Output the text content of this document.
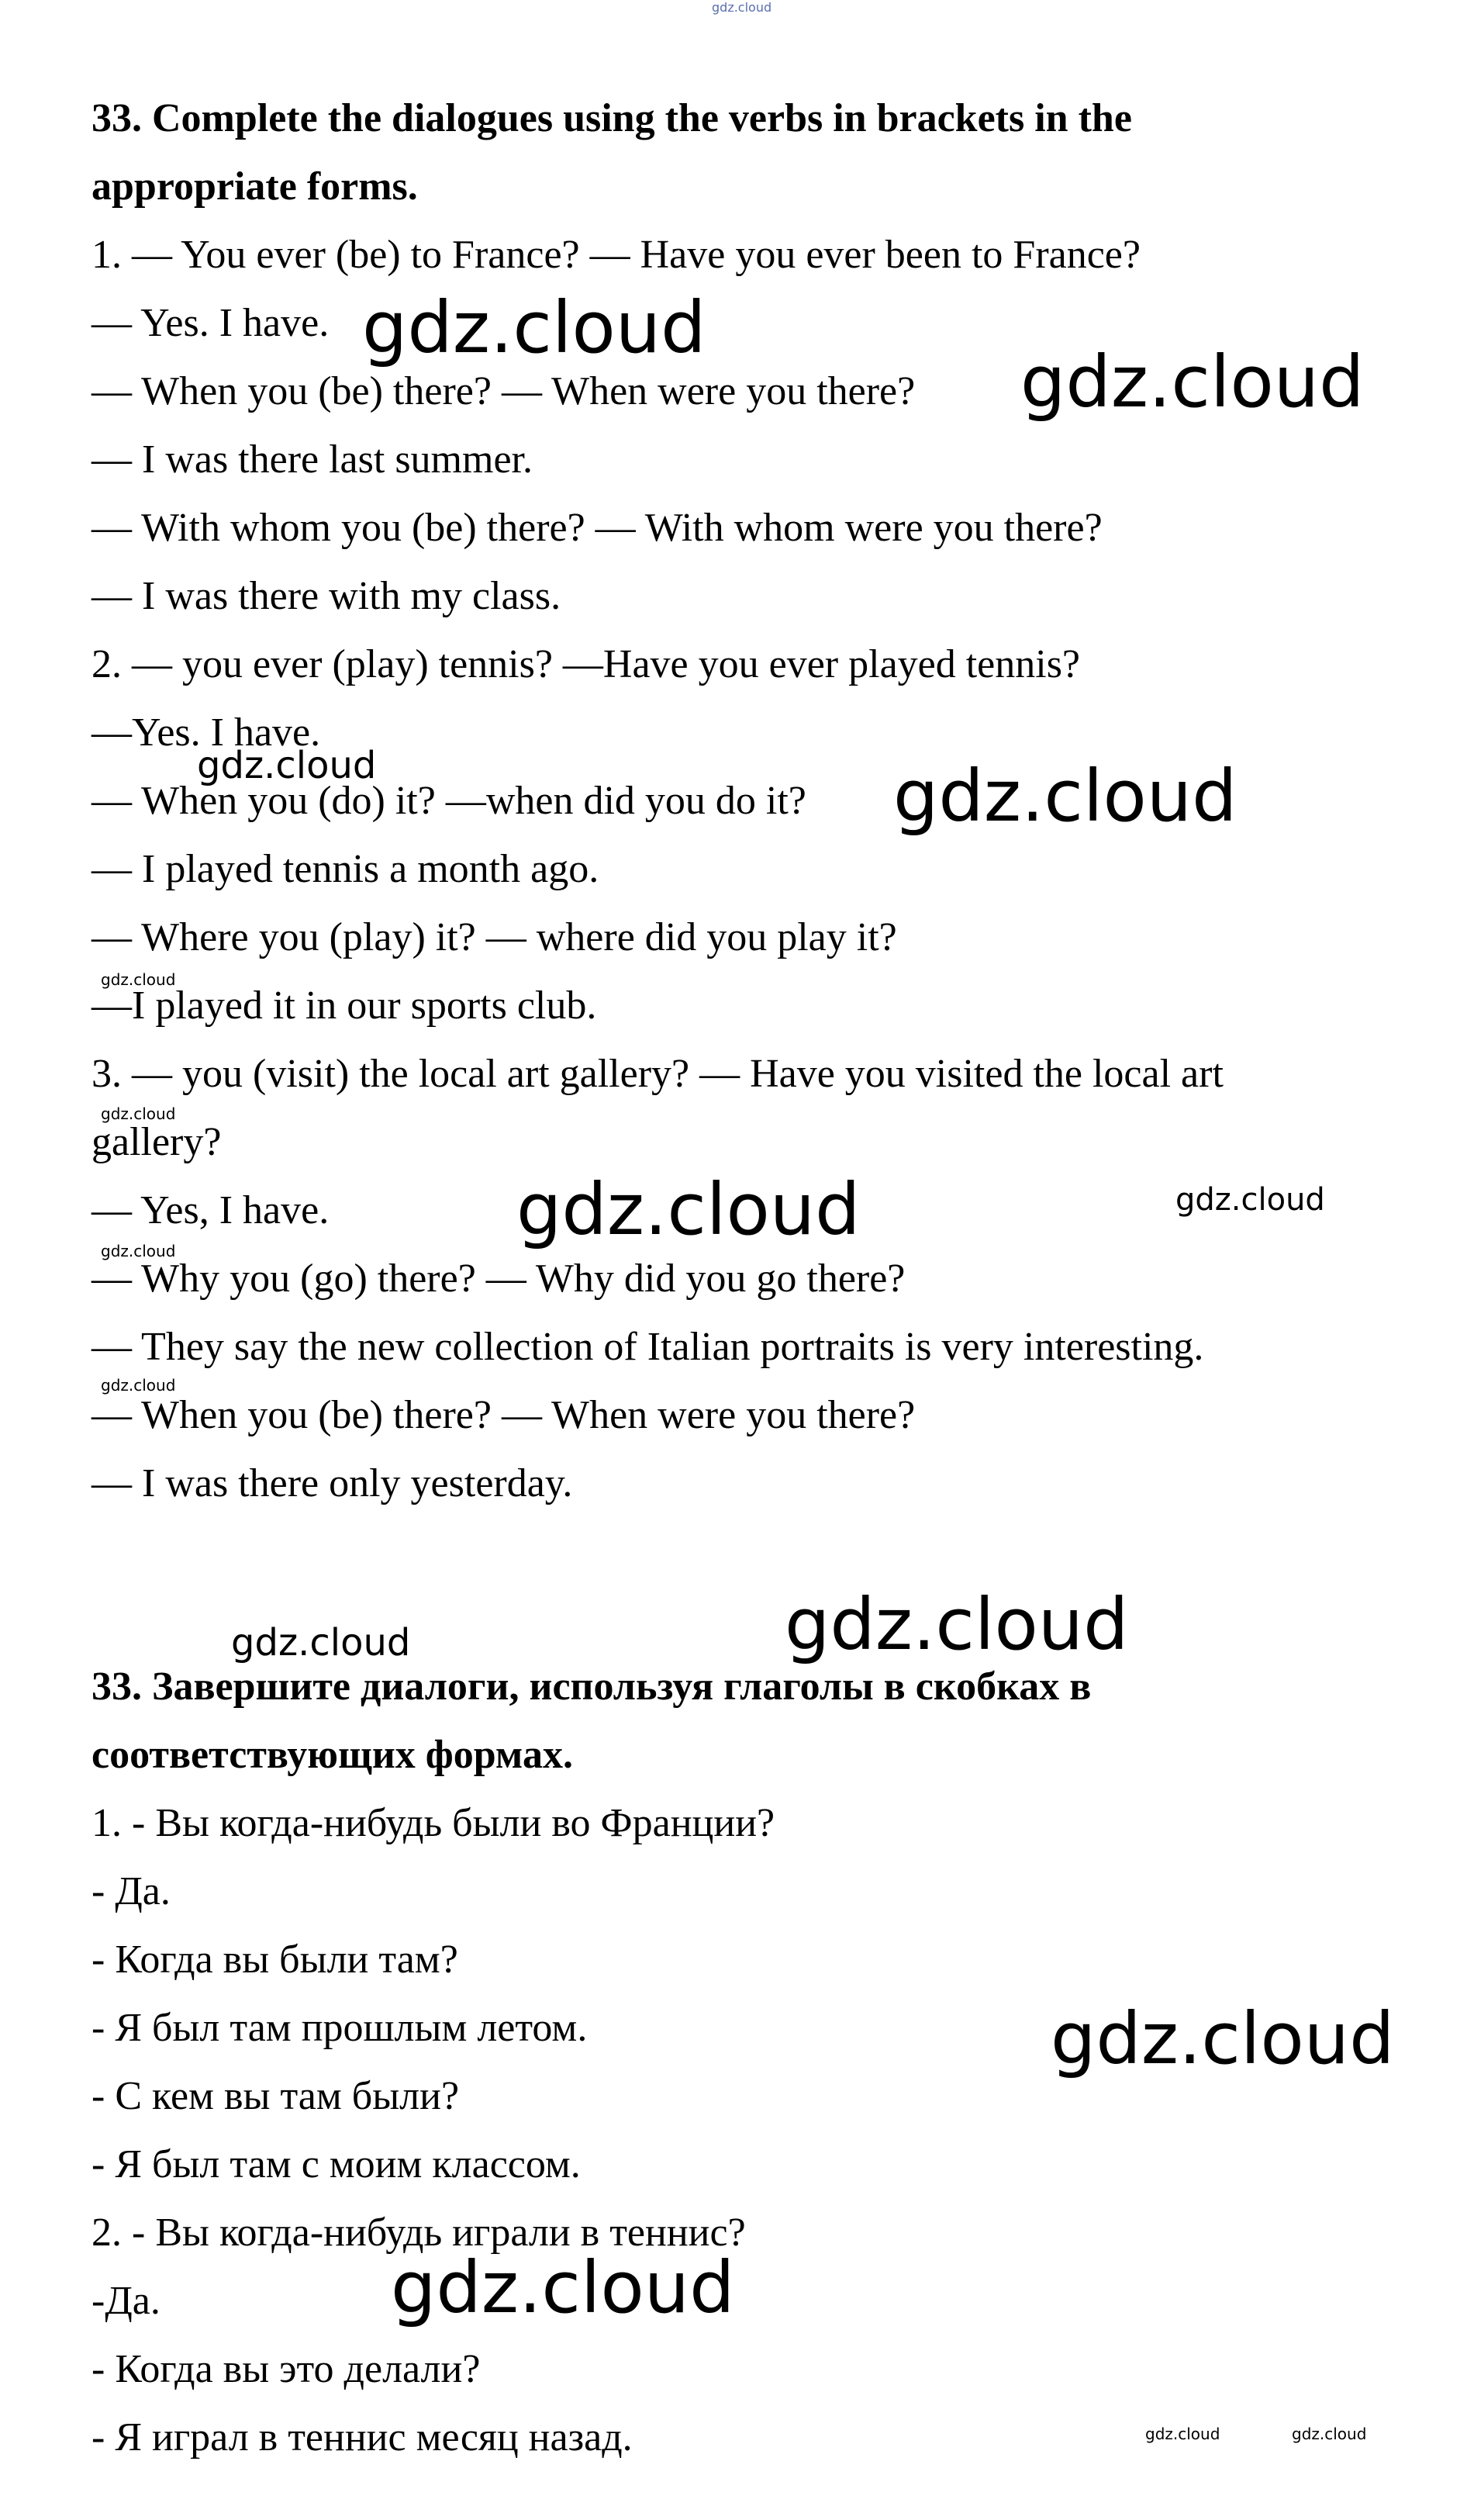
gdz.cloud
33. Complete the dialogues using the verbs in brackets in the
appropriate forms.
1. — You ever (be) to France? — Have you ever been to France?
— Yes. I have.
— When you (be) there? — When were you there?
— I was there last summer.
— With whom you (be) there? — With whom were you there?
— I was there with my class.
2. — you ever (play) tennis? —Have you ever played tennis?
—Yes. I have.
— When you (do) it? —when did you do it?
— I played tennis a month ago.
— Where you (play) it? — where did you play it?
—I played it in our sports club.
3. — you (visit) the local art gallery? — Have you visited the local art
gallery?
— Yes, I have.
— Why you (go) there? — Why did you go there?
— They say the new collection of Italian portraits is very interesting.
— When you (be) there? — When were you there?
— I was there only yesterday.
33. Завершите диалоги, используя глаголы в скобках в
соответствующих формах.
1. - Вы когда-нибудь были во Франции?
- Да.
- Когда вы были там?
- Я был там прошлым летом.
- С кем вы там были?
- Я был там с моим классом.
2. - Вы когда-нибудь играли в теннис?
-Да.
- Когда вы это делали?
- Я играл в теннис месяц назад.
gdz.cloud
gdz.cloud
gdz.cloud	gdz.cloud
gdz.cloud
gdz.cloud
gdz.cloud	gdz.cloud
gdz.cloud
gdz.cloud
gdz.cloud
gdz.cloud
gdz.cloud
gdz.cloud
gdz.cloud	gdz.cloud
